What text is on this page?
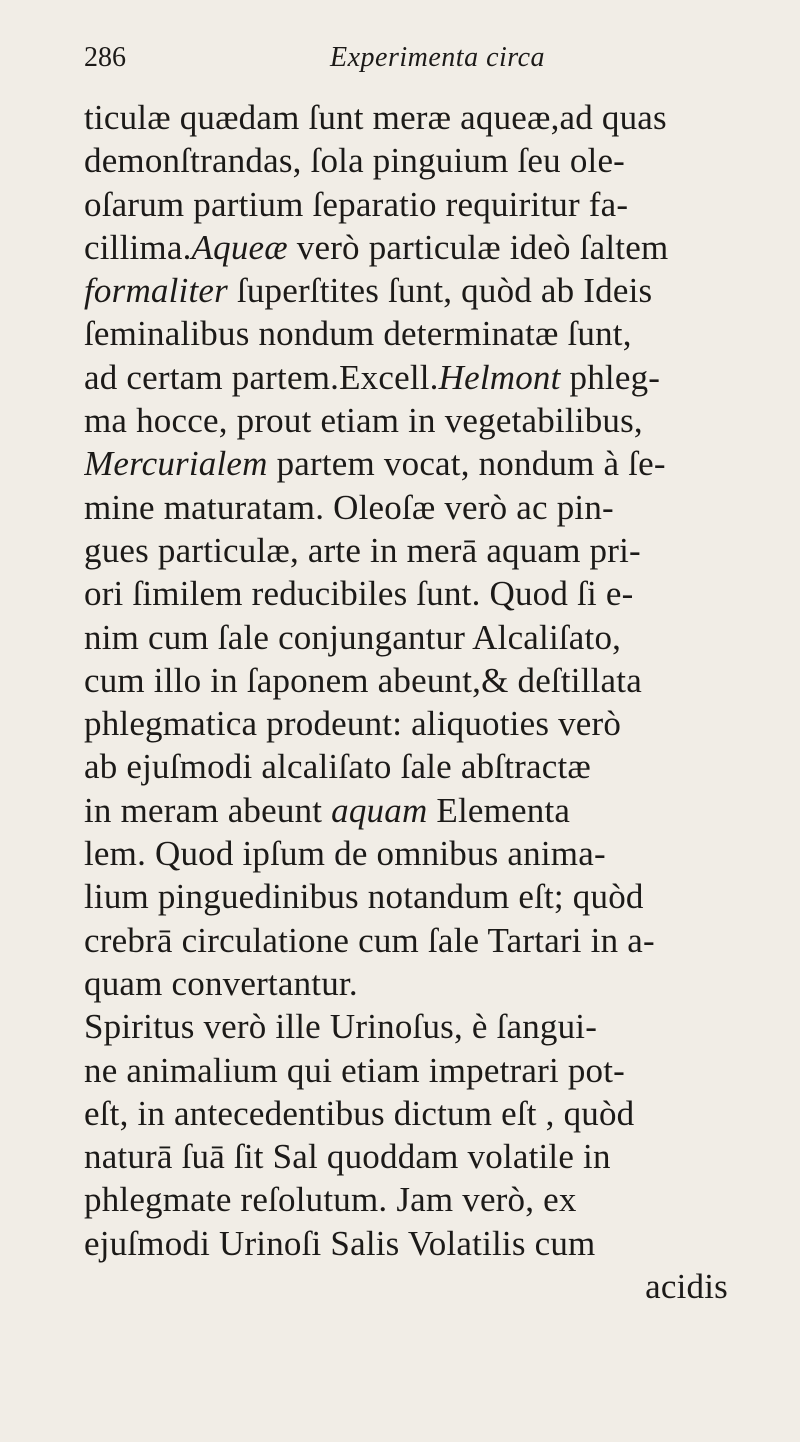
286	Experimenta circa
ticulæ quædam ſunt meræ aqueæ,ad quas
demonſtrandas, ſola pinguium ſeu ole-
oſarum partium ſeparatio requiritur fa-
cillima.Aqueæ verò particulæ ideò ſaltem
formaliter ſuperſtites ſunt, quòd ab Ideis
ſeminalibus nondum determinatæ ſunt,
ad certam partem.Excell.Helmont phleg-
ma hocce, prout etiam in vegetabilibus,
Mercurialem partem vocat, nondum à ſe-
mine maturatam. Oleoſæ verò ac pin-
gues particulæ, arte in merā aquam pri-
ori ſimilem reducibiles ſunt. Quod ſi e-
nim cum ſale conjungantur Alcaliſato,
cum illo in ſaponem abeunt,& deſtillata
phlegmatica prodeunt: aliquoties verò
ab ejuſmodi alcaliſato ſale abſtractæ
in meram abeunt aquam Elementa
lem. Quod ipſum de omnibus anima-
lium pinguedinibus notandum eſt; quòd
crebrā circulatione cum ſale Tartari in a-
quam convertantur.
Spiritus verò ille Urinoſus, è ſangui-
ne animalium qui etiam impetrari pot-
eſt, in antecedentibus dictum eſt , quòd
naturā ſuā ſit Sal quoddam volatile in
phlegmate reſolutum. Jam verò, ex
ejuſmodi Urinoſi Salis Volatilis cum
acidis
